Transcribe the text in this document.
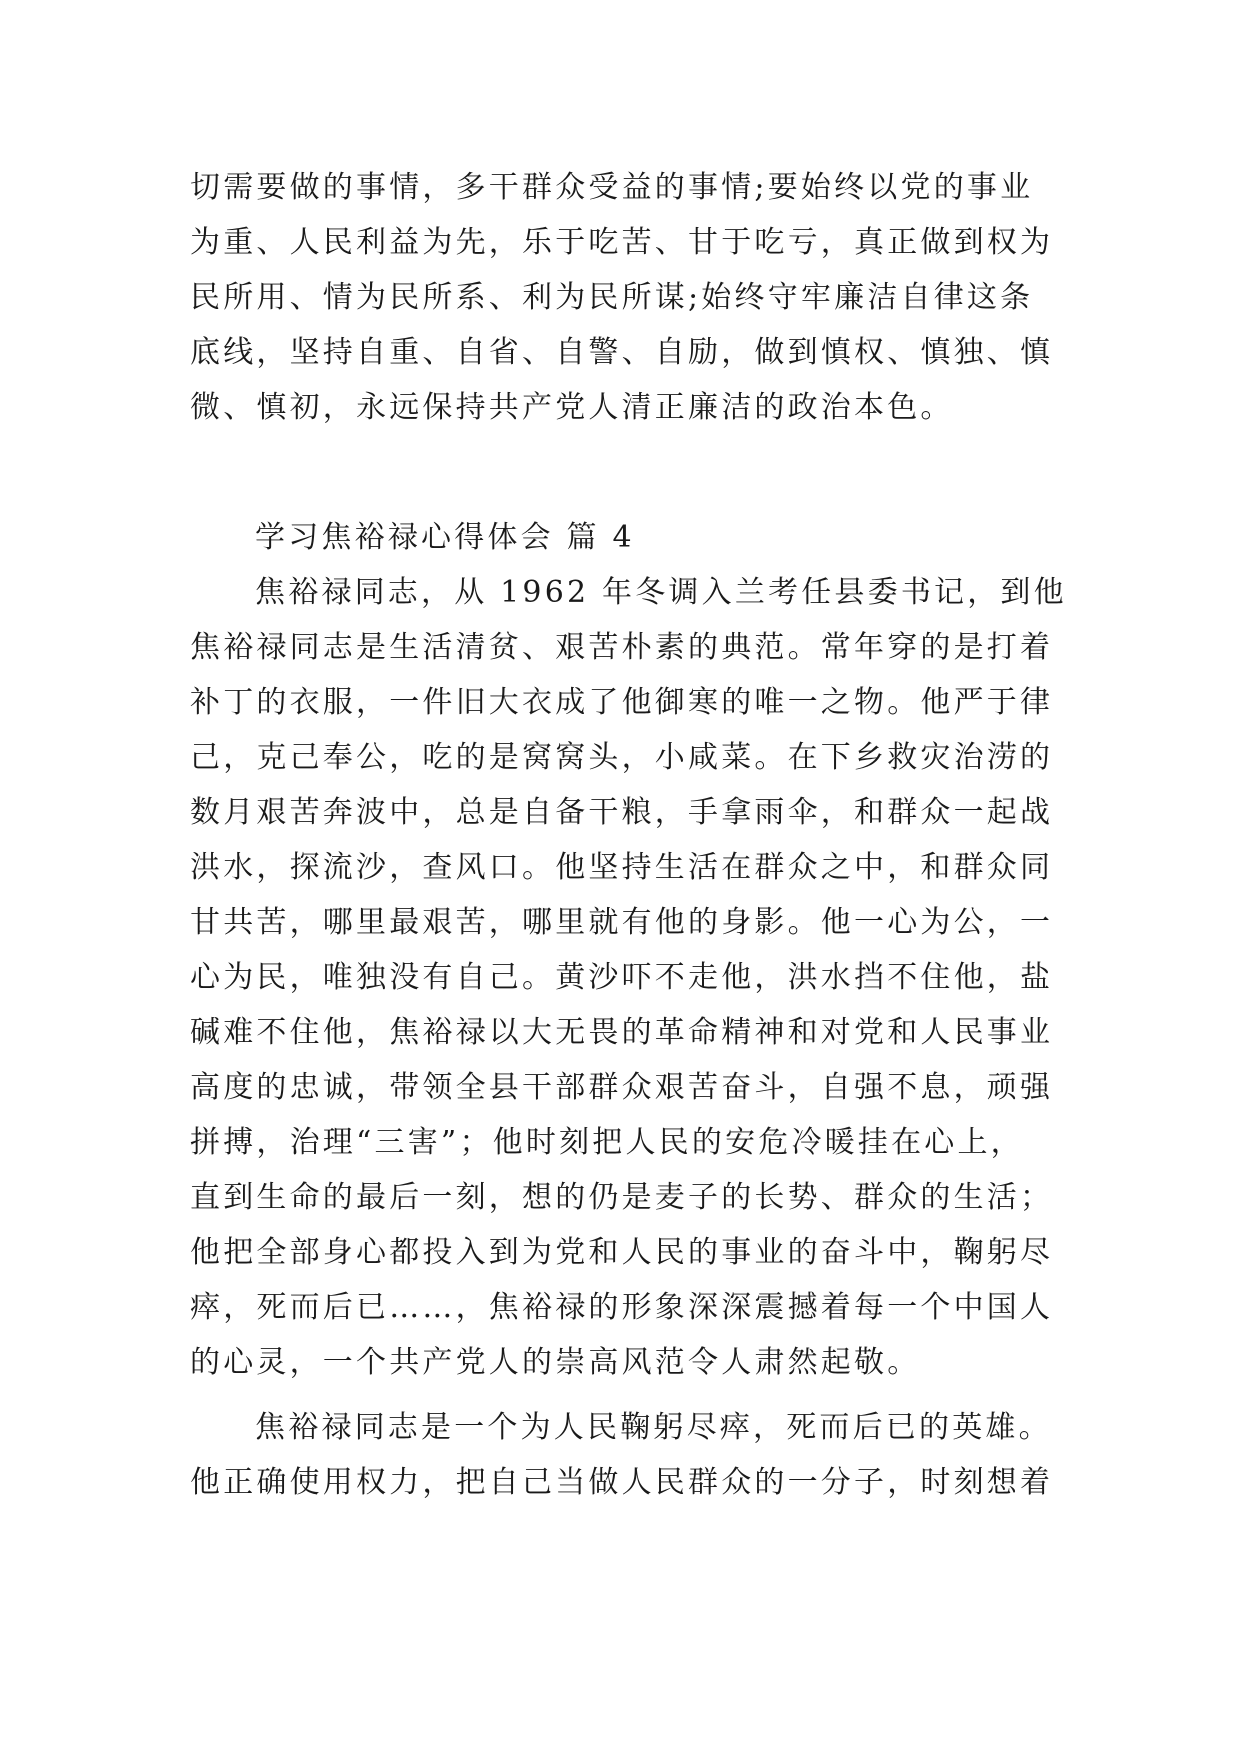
切需要做的事情，多干群众受益的事情;要始终以党的事业
为重、人民利益为先，乐于吃苦、甘于吃亏，真正做到权为
民所用、情为民所系、利为民所谋;始终守牢廉洁自律这条
底线，坚持自重、自省、自警、自励，做到慎权、慎独、慎
微、慎初，永远保持共产党人清正廉洁的政治本色。
学习焦裕禄心得体会 篇 4
焦裕禄同志，从 1962 年冬调入兰考任县委书记，到他
焦裕禄同志是生活清贫、艰苦朴素的典范。常年穿的是打着
补丁的衣服，一件旧大衣成了他御寒的唯一之物。他严于律
己，克己奉公，吃的是窝窝头，小咸菜。在下乡救灾治涝的
数月艰苦奔波中，总是自备干粮，手拿雨伞，和群众一起战
洪水，探流沙，查风口。他坚持生活在群众之中，和群众同
甘共苦，哪里最艰苦，哪里就有他的身影。他一心为公，一
心为民，唯独没有自己。黄沙吓不走他，洪水挡不住他，盐
碱难不住他，焦裕禄以大无畏的革命精神和对党和人民事业
高度的忠诚，带领全县干部群众艰苦奋斗，自强不息，顽强
拼搏，治理“三害”；他时刻把人民的安危冷暖挂在心上，
直到生命的最后一刻，想的仍是麦子的长势、群众的生活；
他把全部身心都投入到为党和人民的事业的奋斗中，鞠躬尽
瘁，死而后已……，焦裕禄的形象深深震撼着每一个中国人
的心灵，一个共产党人的崇高风范令人肃然起敬。
焦裕禄同志是一个为人民鞠躬尽瘁，死而后已的英雄。
他正确使用权力，把自己当做人民群众的一分子，时刻想着
